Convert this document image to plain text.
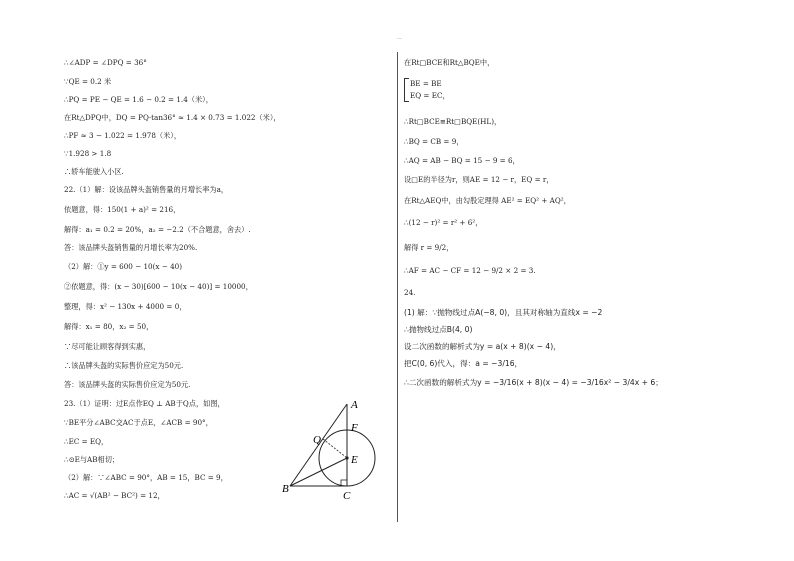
—
∴∠ADP = ∠DPQ = 36°
∵QE = 0.2 米
∴PQ = PE − QE = 1.6 − 0.2 = 1.4（米），
在Rt△DPQ中，DQ = PQ·tan36° ≈ 1.4 × 0.73 = 1.022（米），
∴PF ≈ 3 − 1.022 = 1.978（米），
∵1.928 > 1.8
∴轿车能驶入小区.
22.（1）解：设该品牌头盔销售量的月增长率为a，
依题意，得：150(1 + a)² = 216，
解得：a₁ = 0.2 = 20%，a₂ = −2.2（不合题意，舍去）.
答：该品牌头盔销售量的月增长率为20%.
（2）解：①y = 600 − 10(x − 40)
②依题意，得：(x − 30)[600 − 10(x − 40)] = 10000，
整理，得：x² − 130x + 4000 = 0，
解得：x₁ = 80，x₂ = 50，
∵尽可能让顾客得到实惠，
∴该品牌头盔的实际售价应定为50元.
答：该品牌头盔的实际售价应定为50元.
23.（1）证明：过E点作EQ ⊥ AB于Q点，如图，
∵BE平分∠ABC交AC于点E，∠ACB = 90°，
∴EC = EQ，
∴⊙E与AB相切；
（2）解：∵∠ABC = 90°，AB = 15，BC = 9，
∴AC = √(AB² − BC²) = 12，
A
F
Q
E
B
C
在Rt□BCE和Rt△BQE中，
BE = BE
EQ = EC，
∴Rt□BCE≌Rt□BQE(HL)，
∴BQ = CB = 9，
∴AQ = AB − BQ = 15 − 9 = 6，
设□E的半径为r，则AE = 12 − r，EQ = r，
在Rt△AEQ中，由勾股定理得 AE² = EQ² + AQ²，
∴(12 − r)² = r² + 6²，
解得 r = 9/2，
∴AF = AC − CF = 12 − 9/2 × 2 = 3.
24.
(1) 解：∵抛物线过点A(−8, 0)，且其对称轴为直线x = −2
∴抛物线过点B(4, 0)
设二次函数的解析式为y = a(x + 8)(x − 4)，
把C(0, 6)代入，得：a = −3/16，
∴二次函数的解析式为y = −3/16(x + 8)(x − 4) = −3/16x² − 3/4x + 6；
